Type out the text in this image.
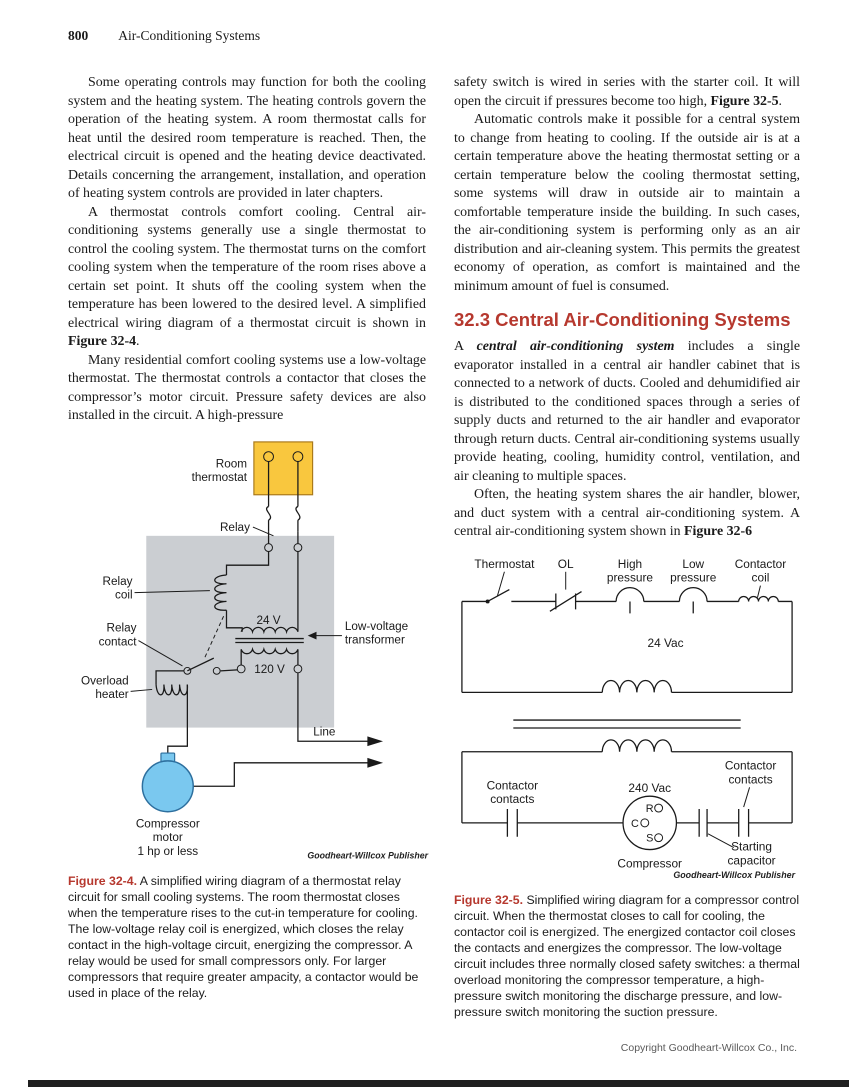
800 Air-Conditioning Systems

Some operating controls may function for both the cooling system and the heating system. The heating controls govern the operation of the heating system. A room thermostat calls for heat until the desired room temperature is reached. Then, the electrical circuit is opened and the heating device deactivated. Details concerning the arrangement, installation, and operation of heating system controls are provided in later chapters.

A thermostat controls comfort cooling. Central air-conditioning systems generally use a single thermostat to control the cooling system. The thermostat turns on the comfort cooling system when the temperature of the room rises above a certain set point. It shuts off the cooling system when the temperature has been lowered to the desired level. A simplified electrical wiring diagram of a thermostat circuit is shown in Figure 32-4.

Many residential comfort cooling systems use a low-voltage thermostat. The thermostat controls a contactor that closes the compressor’s motor circuit. Pressure safety devices are also installed in the circuit. A high-pressure

Room
thermostat
Relay
Relay
coil
24 V
Relay
contact
Low-voltage
transformer
120 V
Overload
heater
Line
Compressor
motor
1 hp or less	Goodheart-Willcox Publisher

Figure 32-4. A simplified wiring diagram of a thermostat relay circuit for small cooling systems. The room thermostat closes when the temperature rises to the cut-in temperature for cooling. The low-voltage relay coil is energized, which closes the relay contact in the high-voltage circuit, energizing the compressor. A relay would be used for small compressors only. For larger compressors that require greater ampacity, a contactor would be used in place of the relay.

safety switch is wired in series with the starter coil. It will open the circuit if pressures become too high, Figure 32-5.

Automatic controls make it possible for a central system to change from heating to cooling. If the outside air is at a certain temperature above the heating thermostat setting or a certain temperature below the cooling thermostat setting, some systems will draw in outside air to maintain a comfortable temperature inside the building. In such cases, the air-conditioning system is performing only as an air distribution and air-cleaning system. This permits the greatest economy of operation, as comfort is maintained and the minimum amount of fuel is consumed.

32.3 Central Air-Conditioning Systems

A central air-conditioning system includes a single evaporator installed in a central air handler cabinet that is connected to a network of ducts. Cooled and dehumidified air is distributed to the conditioned spaces through a series of supply ducts and returned to the air handler and evaporator through return ducts. Central air-conditioning systems usually provide heating, cooling, humidity control, ventilation, and air cleaning to multiple spaces.

Often, the heating system shares the air handler, blower, and duct system with a central air-conditioning system. A central air-conditioning system shown in Figure 32-6

Thermostat OL	High
pressure
Low
pressure
Contactor
coil
24 Vac
Contactor
contacts
240 Vac
Contactor
contacts
R
C
S
Starting
capacitor
Compressor
Goodheart-Willcox Publisher

Figure 32-5. Simplified wiring diagram for a compressor control circuit. When the thermostat closes to call for cooling, the contactor coil is energized. The energized contactor coil closes the contacts and energizes the compressor. The low-voltage circuit includes three normally closed safety switches: a thermal overload monitoring the compressor temperature, a high-pressure switch monitoring the discharge pressure, and low-pressure switch monitoring the suction pressure.

Copyright Goodheart-Willcox Co., Inc.
